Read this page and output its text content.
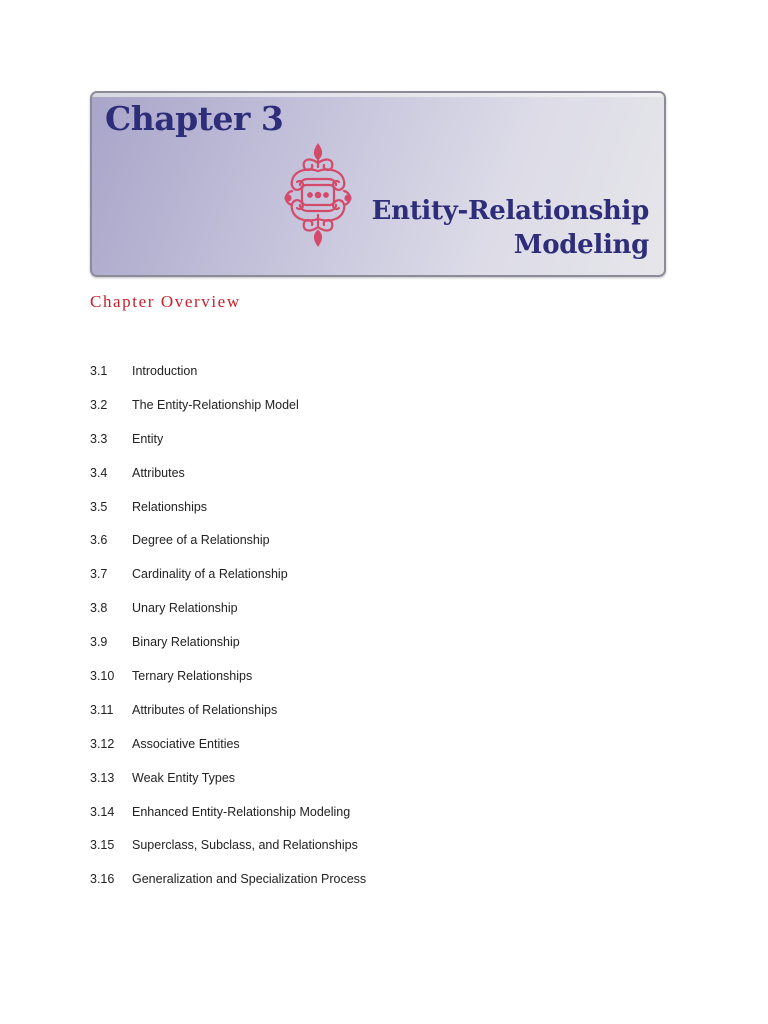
Chapter 3
Entity-Relationship
Modeling
Chapter Overview
3.1	Introduction
3.2	The Entity-Relationship Model
3.3	Entity
3.4	Attributes
3.5	Relationships
3.6	Degree of a Relationship
3.7	Cardinality of a Relationship
3.8	Unary Relationship
3.9	Binary Relationship
3.10	Ternary Relationships
3.11	Attributes of Relationships
3.12	Associative Entities
3.13	Weak Entity Types
3.14	Enhanced Entity-Relationship Modeling
3.15	Superclass, Subclass, and Relationships
3.16	Generalization and Specialization Process
